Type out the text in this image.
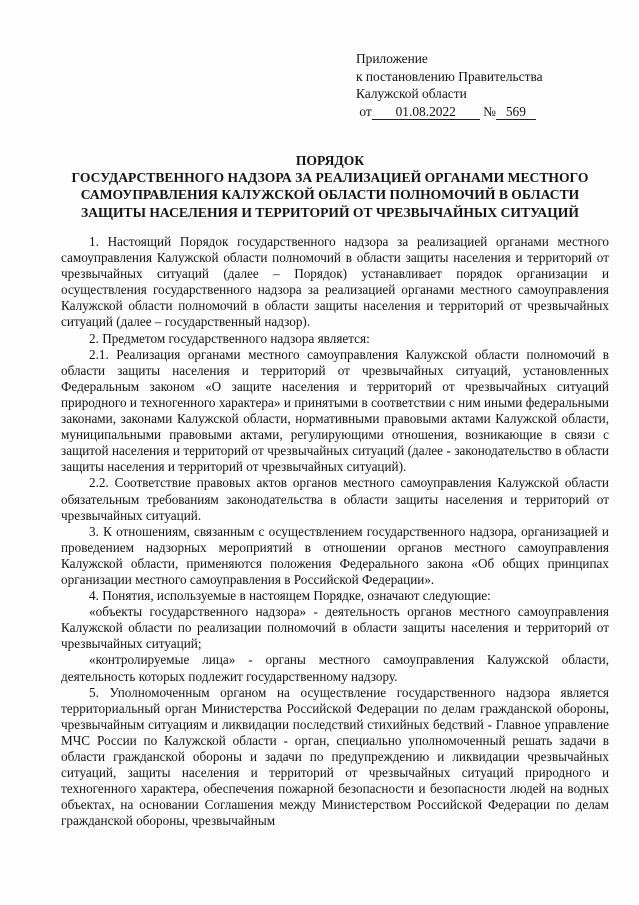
Приложение
к постановлению Правительства
Калужской области
от 01.08.2022 № 569
ПОРЯДОК
ГОСУДАРСТВЕННОГО НАДЗОРА ЗА РЕАЛИЗАЦИЕЙ ОРГАНАМИ МЕСТНОГО
САМОУПРАВЛЕНИЯ КАЛУЖСКОЙ ОБЛАСТИ ПОЛНОМОЧИЙ В ОБЛАСТИ
ЗАЩИТЫ НАСЕЛЕНИЯ И ТЕРРИТОРИЙ ОТ ЧРЕЗВЫЧАЙНЫХ СИТУАЦИЙ

1. Настоящий Порядок государственного надзора за реализацией органами местного самоуправления Калужской области полномочий в области защиты населения и территорий от чрезвычайных ситуаций (далее – Порядок) устанавливает порядок организации и осуществления государственного надзора за реализацией органами местного самоуправления Калужской области полномочий в области защиты населения и территорий от чрезвычайных ситуаций (далее – государственный надзор).

2. Предметом государственного надзора является:

2.1. Реализация органами местного самоуправления Калужской области полномочий в области защиты населения и территорий от чрезвычайных ситуаций, установленных Федеральным законом «О защите населения и территорий от чрезвычайных ситуаций природного и техногенного характера» и принятыми в соответствии с ним иными федеральными законами, законами Калужской области, нормативными правовыми актами Калужской области, муниципальными правовыми актами, регулирующими отношения, возникающие в связи с защитой населения и территорий от чрезвычайных ситуаций (далее - законодательство в области защиты населения и территорий от чрезвычайных ситуаций).

2.2. Соответствие правовых актов органов местного самоуправления Калужской области обязательным требованиям законодательства в области защиты населения и территорий от чрезвычайных ситуаций.

3. К отношениям, связанным с осуществлением государственного надзора, организацией и проведением надзорных мероприятий в отношении органов местного самоуправления Калужской области, применяются положения Федерального закона «Об общих принципах организации местного самоуправления в Российской Федерации».

4. Понятия, используемые в настоящем Порядке, означают следующие:

«объекты государственного надзора» - деятельность органов местного самоуправления Калужской области по реализации полномочий в области защиты населения и территорий от чрезвычайных ситуаций;

«контролируемые лица» - органы местного самоуправления Калужской области, деятельность которых подлежит государственному надзору.

5. Уполномоченным органом на осуществление государственного надзора является территориальный орган Министерства Российской Федерации по делам гражданской обороны, чрезвычайным ситуациям и ликвидации последствий стихийных бедствий - Главное управление МЧС России по Калужской области - орган, специально уполномоченный решать задачи в области гражданской обороны и задачи по предупреждению и ликвидации чрезвычайных ситуаций, защиты населения и территорий от чрезвычайных ситуаций природного и техногенного характера, обеспечения пожарной безопасности и безопасности людей на водных объектах, на основании Соглашения между Министерством Российской Федерации по делам гражданской обороны, чрезвычайным
